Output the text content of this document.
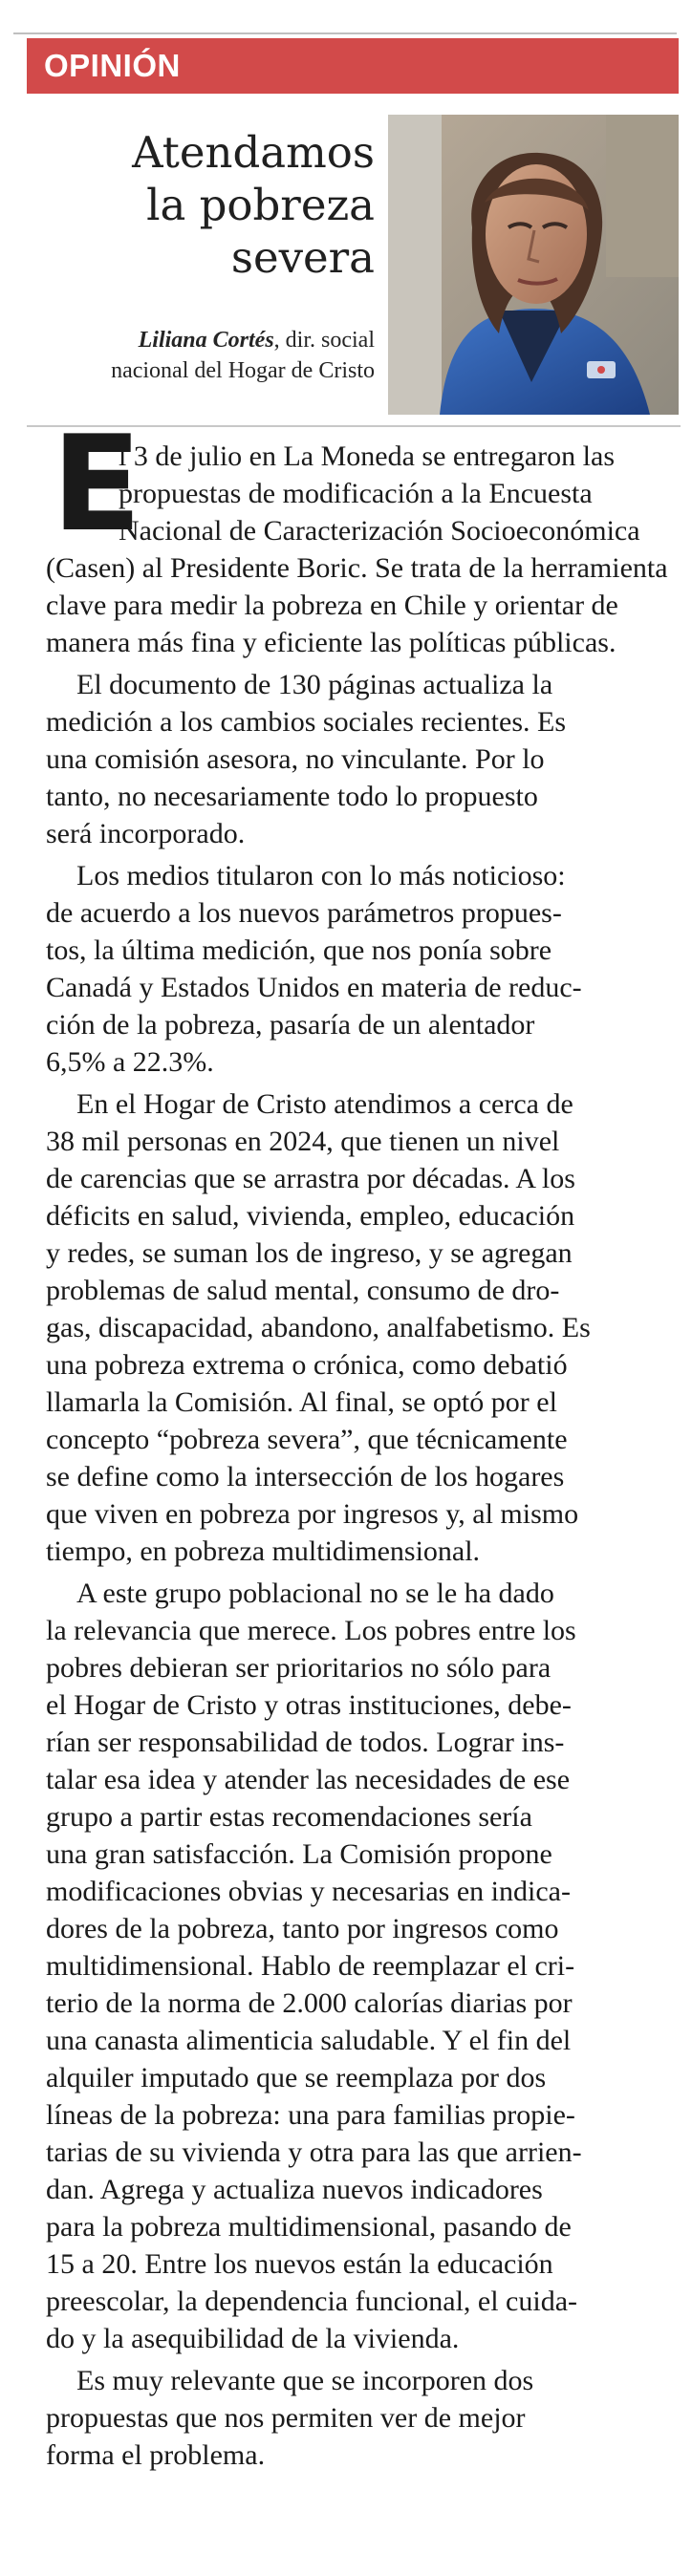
OPINIÓN
Atendamos
la pobreza
severa
Liliana Cortés, dir. social
nacional del Hogar de Cristo
E
l 3 de julio en La Moneda se entregaron las
propuestas de modificación a la Encuesta
Nacional de Caracterización Socioeconómica
(Casen) al Presidente Boric. Se trata de la herramienta
clave para medir la pobreza en Chile y orientar de
manera más fina y eficiente las políticas públicas.
El documento de 130 páginas actualiza la
medición a los cambios sociales recientes. Es
una comisión asesora, no vinculante. Por lo
tanto, no necesariamente todo lo propuesto
será incorporado.
Los medios titularon con lo más noticioso:
de acuerdo a los nuevos parámetros propues-
tos, la última medición, que nos ponía sobre
Canadá y Estados Unidos en materia de reduc-
ción de la pobreza, pasaría de un alentador
6,5% a 22.3%.
En el Hogar de Cristo atendimos a cerca de
38 mil personas en 2024, que tienen un nivel
de carencias que se arrastra por décadas. A los
déficits en salud, vivienda, empleo, educación
y redes, se suman los de ingreso, y se agregan
problemas de salud mental, consumo de dro-
gas, discapacidad, abandono, analfabetismo. Es
una pobreza extrema o crónica, como debatió
llamarla la Comisión. Al final, se optó por el
concepto “pobreza severa”, que técnicamente
se define como la intersección de los hogares
que viven en pobreza por ingresos y, al mismo
tiempo, en pobreza multidimensional.
A este grupo poblacional no se le ha dado
la relevancia que merece. Los pobres entre los
pobres debieran ser prioritarios no sólo para
el Hogar de Cristo y otras instituciones, debe-
rían ser responsabilidad de todos. Lograr ins-
talar esa idea y atender las necesidades de ese
grupo a partir estas recomendaciones sería
una gran satisfacción. La Comisión propone
modificaciones obvias y necesarias en indica-
dores de la pobreza, tanto por ingresos como
multidimensional. Hablo de reemplazar el cri-
terio de la norma de 2.000 calorías diarias por
una canasta alimenticia saludable. Y el fin del
alquiler imputado que se reemplaza por dos
líneas de la pobreza: una para familias propie-
tarias de su vivienda y otra para las que arrien-
dan. Agrega y actualiza nuevos indicadores
para la pobreza multidimensional, pasando de
15 a 20. Entre los nuevos están la educación
preescolar, la dependencia funcional, el cuida-
do y la asequibilidad de la vivienda.
Es muy relevante que se incorporen dos
propuestas que nos permiten ver de mejor
forma el problema.
